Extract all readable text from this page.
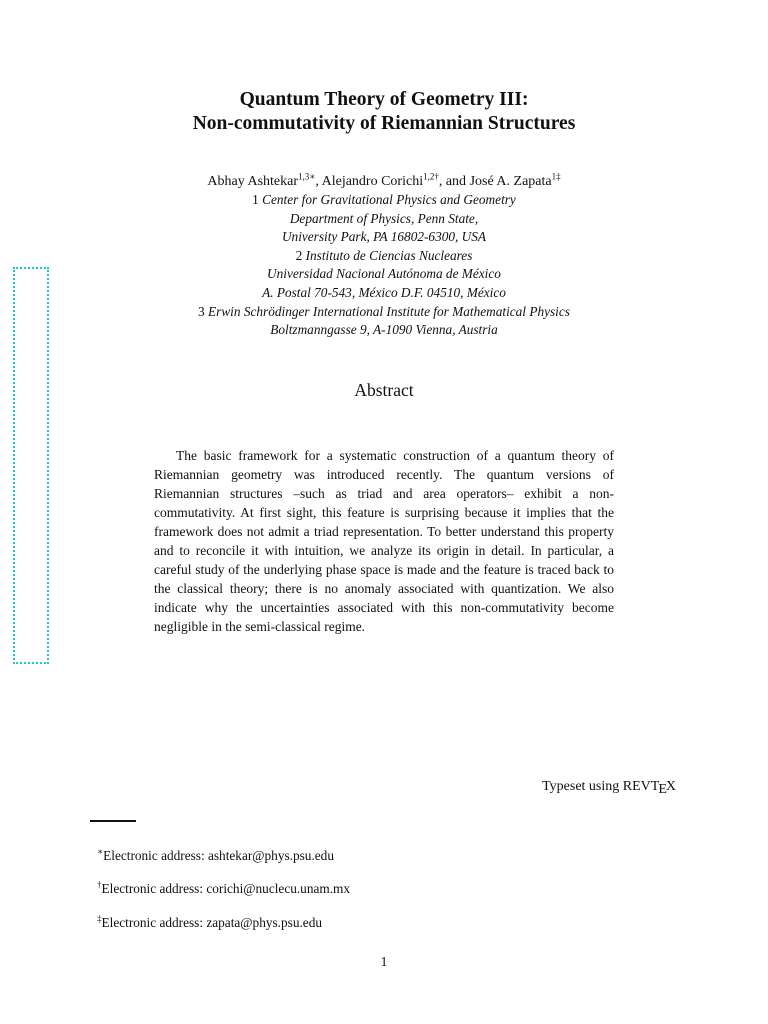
Quantum Theory of Geometry III:
Non-commutativity of Riemannian Structures
Abhay Ashtekar$^{1,3∗}$, Alejandro Corichi$^{1,2\dagger}$, and José A. Zapata$^{1\ddagger}$
1 Center for Gravitational Physics and Geometry
Department of Physics, Penn State,
University Park, PA 16802-6300, USA
2 Instituto de Ciencias Nucleares
Universidad Nacional Autónoma de México
A. Postal 70-543, México D.F. 04510, México
3 Erwin Schrödinger International Institute for Mathematical Physics
Boltzmanngasse 9, A-1090 Vienna, Austria
Abstract
The basic framework for a systematic construction of a quantum theory of Riemannian geometry was introduced recently. The quantum versions of Riemannian structures –such as triad and area operators– exhibit a non-commutativity. At first sight, this feature is surprising because it implies that the framework does not admit a triad representation. To better understand this property and to reconcile it with intuition, we analyze its origin in detail. In particular, a careful study of the underlying phase space is made and the feature is traced back to the classical theory; there is no anomaly associated with quantization. We also indicate why the uncertainties associated with this non-commutativity become negligible in the semi-classical regime.
Typeset using REVTEX
∗Electronic address: ashtekar@phys.psu.edu
†Electronic address: corichi@nuclecu.unam.mx
‡Electronic address: zapata@phys.psu.edu
1
